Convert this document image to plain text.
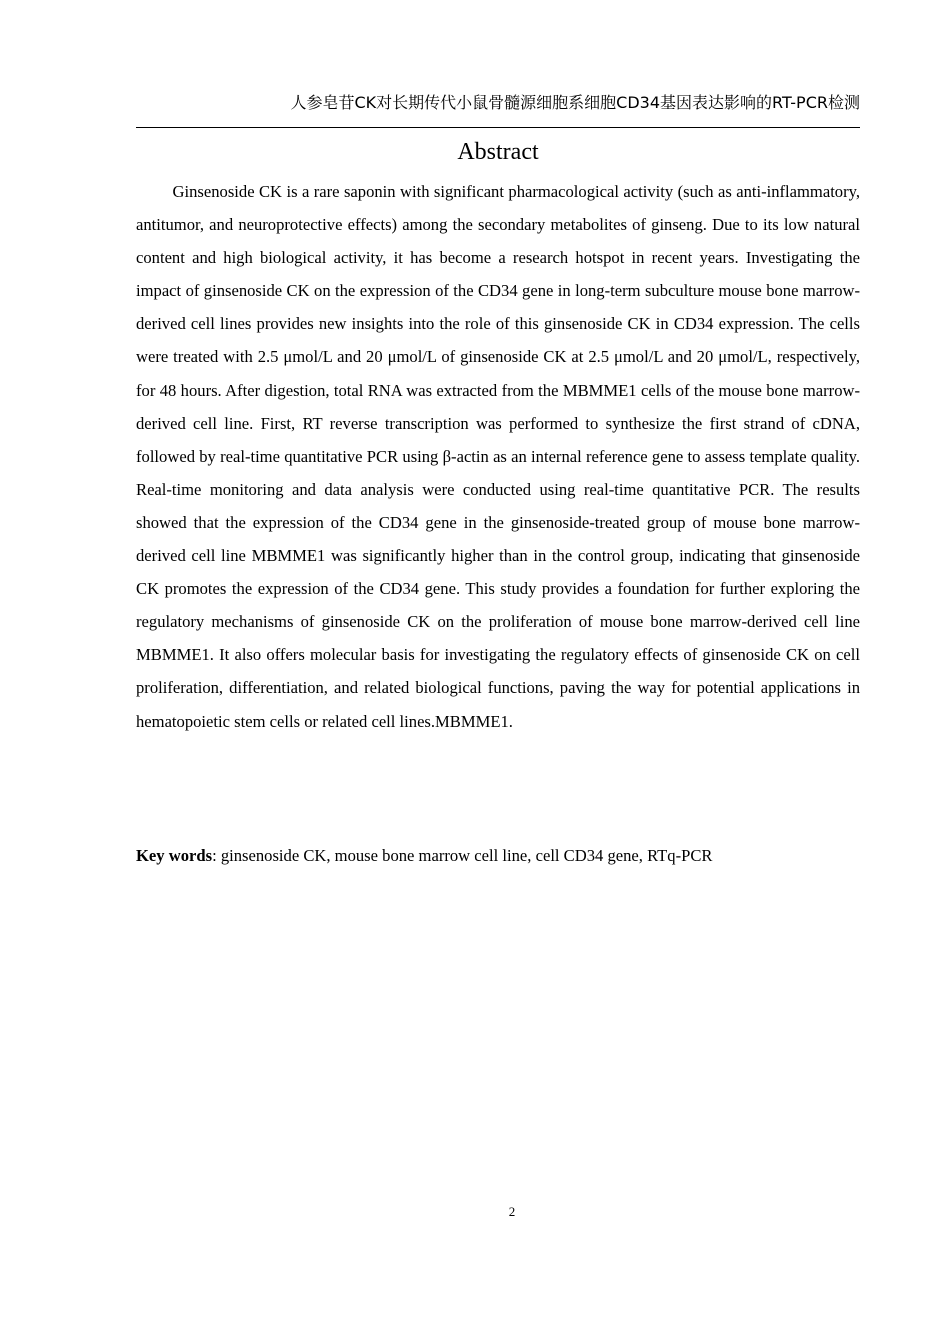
人参皂苷CK对长期传代小鼠骨髓源细胞系细胞CD34基因表达影响的RT-PCR检测
Abstract

Ginsenoside CK is a rare saponin with significant pharmacological activity (such as anti-inflammatory, antitumor, and neuroprotective effects) among the secondary metabolites of ginseng. Due to its low natural content and high biological activity, it has become a research hotspot in recent years. Investigating the impact of ginsenoside CK on the expression of the CD34 gene in long-term subculture mouse bone marrow-derived cell lines provides new insights into the role of this ginsenoside CK in CD34 expression. The cells were treated with 2.5 μmol/L and 20 μmol/L of ginsenoside CK at 2.5 μmol/L and 20 μmol/L, respectively, for 48 hours. After digestion, total RNA was extracted from the MBMME1 cells of the mouse bone marrow-derived cell line. First, RT reverse transcription was performed to synthesize the first strand of cDNA, followed by real-time quantitative PCR using β-actin as an internal reference gene to assess template quality. Real-time monitoring and data analysis were conducted using real-time quantitative PCR. The results showed that the expression of the CD34 gene in the ginsenoside-treated group of mouse bone marrow-derived cell line MBMME1 was significantly higher than in the control group, indicating that ginsenoside CK promotes the expression of the CD34 gene. This study provides a foundation for further exploring the regulatory mechanisms of ginsenoside CK on the proliferation of mouse bone marrow-derived cell line MBMME1. It also offers molecular basis for investigating the regulatory effects of ginsenoside CK on cell proliferation, differentiation, and related biological functions, paving the way for potential applications in hematopoietic stem cells or related cell lines.MBMME1.

Key words: ginsenoside CK, mouse bone marrow cell line, cell CD34 gene, RTq-PCR

2
